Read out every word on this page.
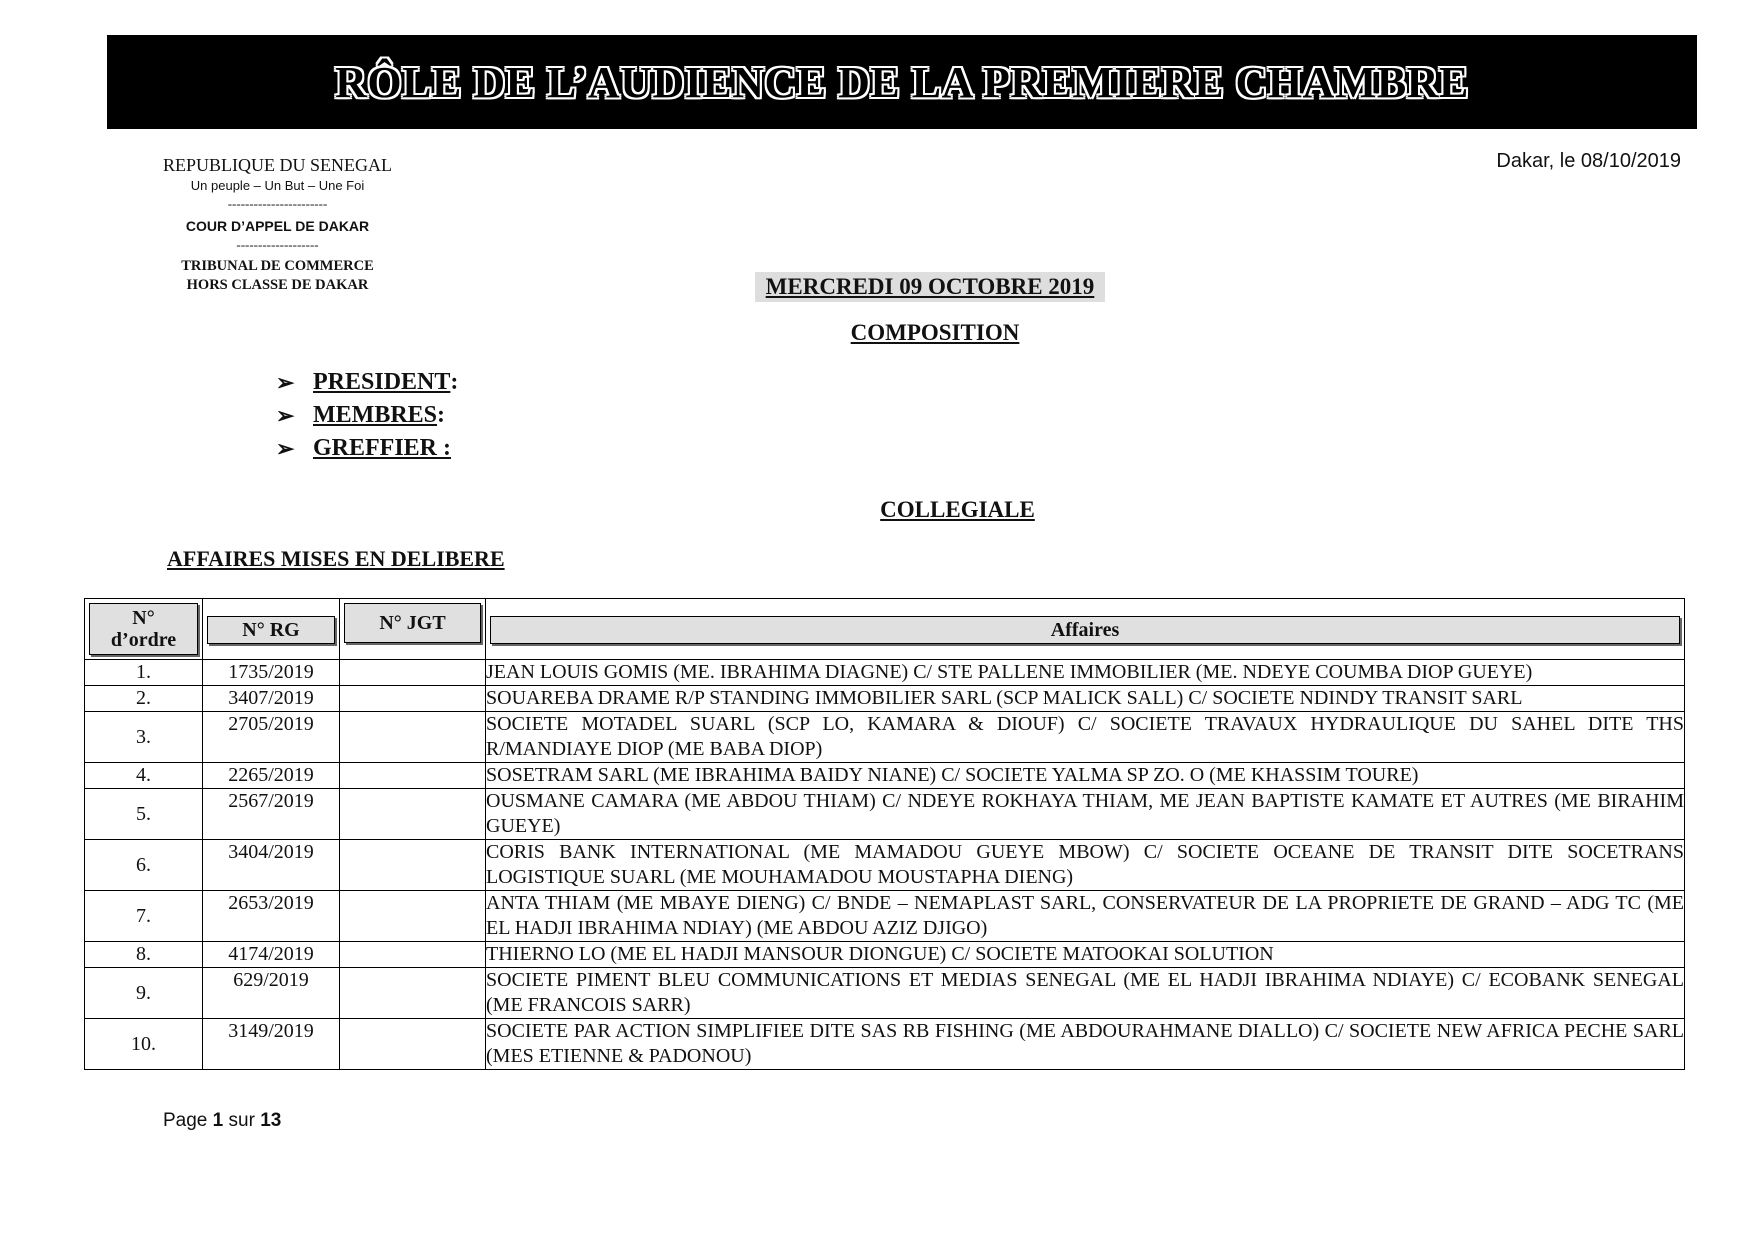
RÔLE DE L’AUDIENCE DE LA PREMIERE CHAMBRE
REPUBLIQUE DU SENEGAL
Un peuple – Un But – Une Foi
-----------------------
COUR D’APPEL DE DAKAR
-------------------
TRIBUNAL DE COMMERCE
HORS CLASSE DE DAKAR
Dakar, le 08/10/2019
MERCREDI 09 OCTOBRE 2019
COMPOSITION
➢ PRESIDENT :
➢ MEMBRES :
➢ GREFFIER :
COLLEGIALE
AFFAIRES MISES EN DELIBERE
N°
d’ordre	N° RG	N° JGT	Affaires

1.	1735/2019		JEAN LOUIS GOMIS (ME. IBRAHIMA DIAGNE) C/ STE PALLENE IMMOBILIER (ME. NDEYE COUMBA DIOP GUEYE)
2.	3407/2019		SOUAREBA DRAME R/P STANDING IMMOBILIER SARL (SCP MALICK SALL) C/ SOCIETE NDINDY TRANSIT SARL
3.	2705/2019		SOCIETE MOTADEL SUARL (SCP LO, KAMARA & DIOUF) C/ SOCIETE TRAVAUX HYDRAULIQUE DU SAHEL DITE THS R/MANDIAYE DIOP (ME BABA DIOP)
4.	2265/2019		SOSETRAM SARL (ME IBRAHIMA BAIDY NIANE) C/ SOCIETE YALMA SP ZO. O (ME KHASSIM TOURE)
5.	2567/2019		OUSMANE CAMARA (ME ABDOU THIAM) C/ NDEYE ROKHAYA THIAM, ME JEAN BAPTISTE KAMATE ET AUTRES (ME BIRAHIM GUEYE)
6.	3404/2019		CORIS BANK INTERNATIONAL (ME MAMADOU GUEYE MBOW) C/ SOCIETE OCEANE DE TRANSIT DITE SOCETRANS LOGISTIQUE SUARL (ME MOUHAMADOU MOUSTAPHA DIENG)
7.	2653/2019		ANTA THIAM (ME MBAYE DIENG) C/ BNDE – NEMAPLAST SARL, CONSERVATEUR DE LA PROPRIETE DE GRAND – ADG TC (ME EL HADJI IBRAHIMA NDIAY) (ME ABDOU AZIZ DJIGO)
8.	4174/2019		THIERNO LO (ME EL HADJI MANSOUR DIONGUE) C/ SOCIETE MATOOKAI SOLUTION
9.	629/2019		SOCIETE PIMENT BLEU COMMUNICATIONS ET MEDIAS SENEGAL (ME EL HADJI IBRAHIMA NDIAYE) C/ ECOBANK SENEGAL (ME FRANCOIS SARR)
10.	3149/2019		SOCIETE PAR ACTION SIMPLIFIEE DITE SAS RB FISHING (ME ABDOURAHMANE DIALLO) C/ SOCIETE NEW AFRICA PECHE SARL (MES ETIENNE & PADONOU)
Page 1 sur 13
